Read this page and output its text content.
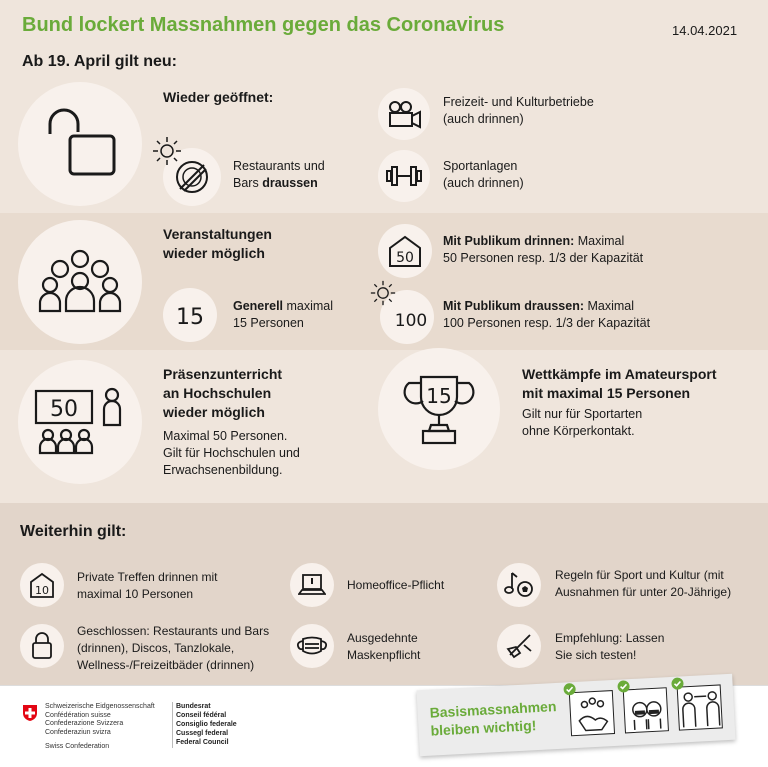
Bund lockert Massnahmen gegen das Coronavirus	14.04.2021
Ab 19. April gilt neu:
Wieder geöffnet:
Restaurants und
Bars draussen
Freizeit- und Kulturbetriebe
(auch drinnen)
Sportanlagen
(auch drinnen)
Veranstaltungen
wieder möglich
15 Generell maximal
15 Personen
50
Mit Publikum drinnen: Maximal
50 Personen resp. 1/3 der Kapazität
100
Mit Publikum draussen: Maximal
100 Personen resp. 1/3 der Kapazität
50
Präsenzunterricht
an Hochschulen
wieder möglich
Maximal 50 Personen.
Gilt für Hochschulen und
Erwachsenenbildung.
15
Wettkämpfe im Amateursport
mit maximal 15 Personen
Gilt nur für Sportarten
ohne Körperkontakt.
Weiterhin gilt:
10
Private Treffen drinnen mit
maximal 10 Personen
Homeoffice-Pflicht
Regeln für Sport und Kultur (mit
Ausnahmen für unter 20-Jährige)
Geschlossen: Restaurants und Bars
(drinnen), Discos, Tanzlokale,
Wellness-/Freizeitbäder (drinnen)
Ausgedehnte
Maskenpflicht
Empfehlung: Lassen
Sie sich testen!
Schweizerische Eidgenossenschaft
Confédération suisse
Confederazione Svizzera
Confederaziun svizra
Swiss Confederation
Bundesrat
Conseil fédéral
Consiglio federale
Cussegl federal
Federal Council
Basismassnahmen
bleiben wichtig!
